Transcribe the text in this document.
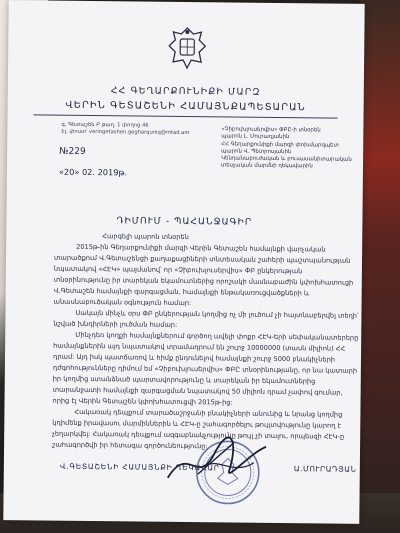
ՀՀ ԳԵՂԱՐՔՈՒՆԻՔԻ ՄԱՐԶ
ՎԵՐԻՆ ԳԵՏԱՇԵՆԻ ՀԱՄԱՅՆՔԱՊԵՏԱՐԱՆ
գ. Գետաշեն Բ թաղ. 1 փողոց 46
Էլ. փոստ՝ veringetashen.gegharquniq@mtad.am
№229
«20» 02. 2019թ.
«Չիբուխլուսերվիս» ՓԲԸ-ի տնօրեն
պարոն Լ. Մուրադյանին
ՀՀ Գեղարքունիքի մարզի փոխմարզպետ
պարոն Վ. Պետրոսյանին
Կենդանաբուժական և բուսասանիտարական
տեսչական մարմնի ղեկավարին
ԴԻՄՈՒՄ - ՊԱՀԱՆՋԱԳԻՐ

Հարգելի պարոն տնօրեն

2015թ-ին Գեղարքունիքի մարզի Վերին Գետաշեն համայնքի վարչական տարածքում Վ.Գետաշենցի քաղաքացիների տնտեսական շահերի պաշտպանության նպատակով «ՀԷԿ» պայմանով՝ որ «Չիբուխլուսերվիս» ՓԲ ընկերության տնօրինությունը իր տարեկան եկամուտներից որոշակի մասնաբաժին կփոխհատուցի Վ.Գետաշեն համայնքի զարգացման, համայնքի ենթակառուցվածքների և անասնաբուծական օգնություն համար:

Սակայն մինչև օրս ՓԲ ընկերության կողմից ոչ մի լուծում չի հայտնաբերվել տեղի՝ նշված խնդիրների լուծման համար:

Մինչդեռ կողքի համայնքներում գործող ավելի փոքր ՀԷԿ-երի սեփականատերերը համայնքներին այդ նպատակով տրամադրում են շուրջ 10000000 (տասն միլիոն) ՀՀ դրամ: Այդ իսկ պատճառով և հիմք ընդունելով համայնքի շուրջ 5000 բնակիչների դժգոհությունները դիմում եմ «Չիբուխլուսերվիս» ՓԲԸ տնօրինությանը, որ նա կատարի իր կողմից ստանձնած պարտավորությունը և տարեկան իր եկամուտներից տարանջատի համայնքի զարգացման նպատակով 50 միլիոն դրամ չափով գումար, որից էլ Վերին Գետաշեն կփոխհատուցվի 2015թ-ից:

Հակառակ դեպքում տարածաշրջանի բնակիչների անունից և նրանց կողմից կդիմենք իրավասու մարմիններին և ՀԷԿ-ը շահագործելու թույլտվությունը կարող է չեղարկվել: Հակառակ դեպքում ազգաբնակչությունը թույլ չի տալու, որպեսզի ՀԷԿ-ը շահագործվի իր հետագա գործունեությունը:

Վ.ԳԵՏԱՇԵՆԻ ՀԱՄԱՅՆՔԻ ՂԵԿԱՎԱՐ	Ա.ՄՈՒՐԱԴՅԱՆ
